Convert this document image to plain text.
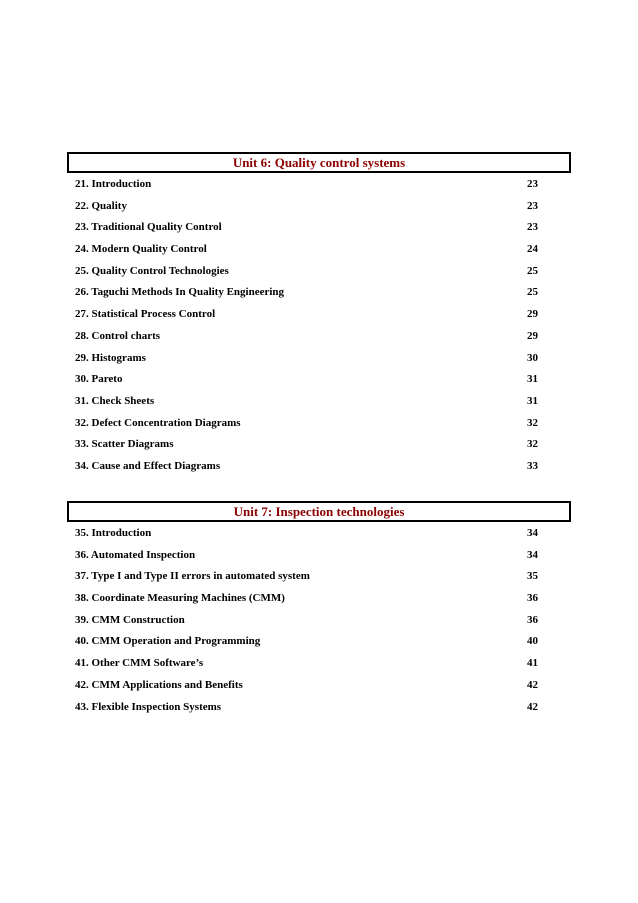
Unit 6: Quality control systems
21. Introduction	23
22. Quality	23
23. Traditional Quality Control	23
24. Modern Quality Control	24
25. Quality Control Technologies	25
26. Taguchi Methods In Quality Engineering	25
27. Statistical Process Control	29
28. Control charts	29
29. Histograms	30
30. Pareto	31
31. Check Sheets	31
32. Defect Concentration Diagrams	32
33. Scatter Diagrams	32
34. Cause and Effect Diagrams	33
Unit 7: Inspection technologies
35. Introduction	34
36. Automated Inspection	34
37. Type I and Type II errors in automated system	35
38. Coordinate Measuring Machines (CMM)	36
39. CMM Construction	36
40. CMM Operation and Programming	40
41. Other CMM Software’s	41
42. CMM Applications and Benefits	42
43. Flexible Inspection Systems	42
